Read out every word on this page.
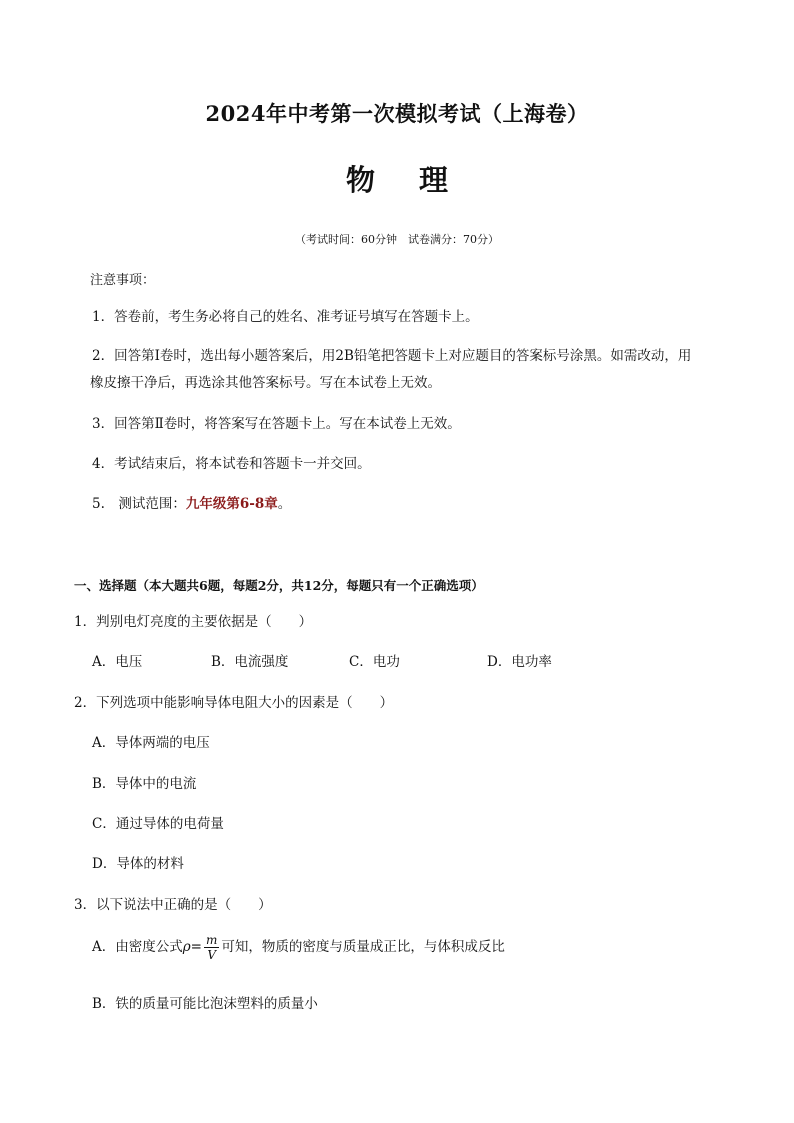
2024年中考第一次模拟考试（上海卷）
物 理
（考试时间：60分钟　试卷满分：70分）
注意事项：
1．答卷前，考生务必将自己的姓名、准考证号填写在答题卡上。
2．回答第Ⅰ卷时，选出每小题答案后，用2B铅笔把答题卡上对应题目的答案标号涂黑。如需改动，用
橡皮擦干净后，再选涂其他答案标号。写在本试卷上无效。
3．回答第Ⅱ卷时，将答案写在答题卡上。写在本试卷上无效。
4．考试结束后，将本试卷和答题卡一并交回。
5.　测试范围：九年级第6-8章。
一、选择题（本大题共6题，每题2分，共12分，每题只有一个正确选项）
1．判别电灯亮度的主要依据是（　　）
A．电压	B．电流强度	C．电功	D．电功率
2．下列选项中能影响导体电阻大小的因素是（　　）
A．导体两端的电压
B．导体中的电流
C．通过导体的电荷量
D．导体的材料
3．以下说法中正确的是（　　）
A．由密度公式$\rho= \frac{m}{V}$ 可知，物质的密度与质量成正比，与体积成反比
B．铁的质量可能比泡沫塑料的质量小
